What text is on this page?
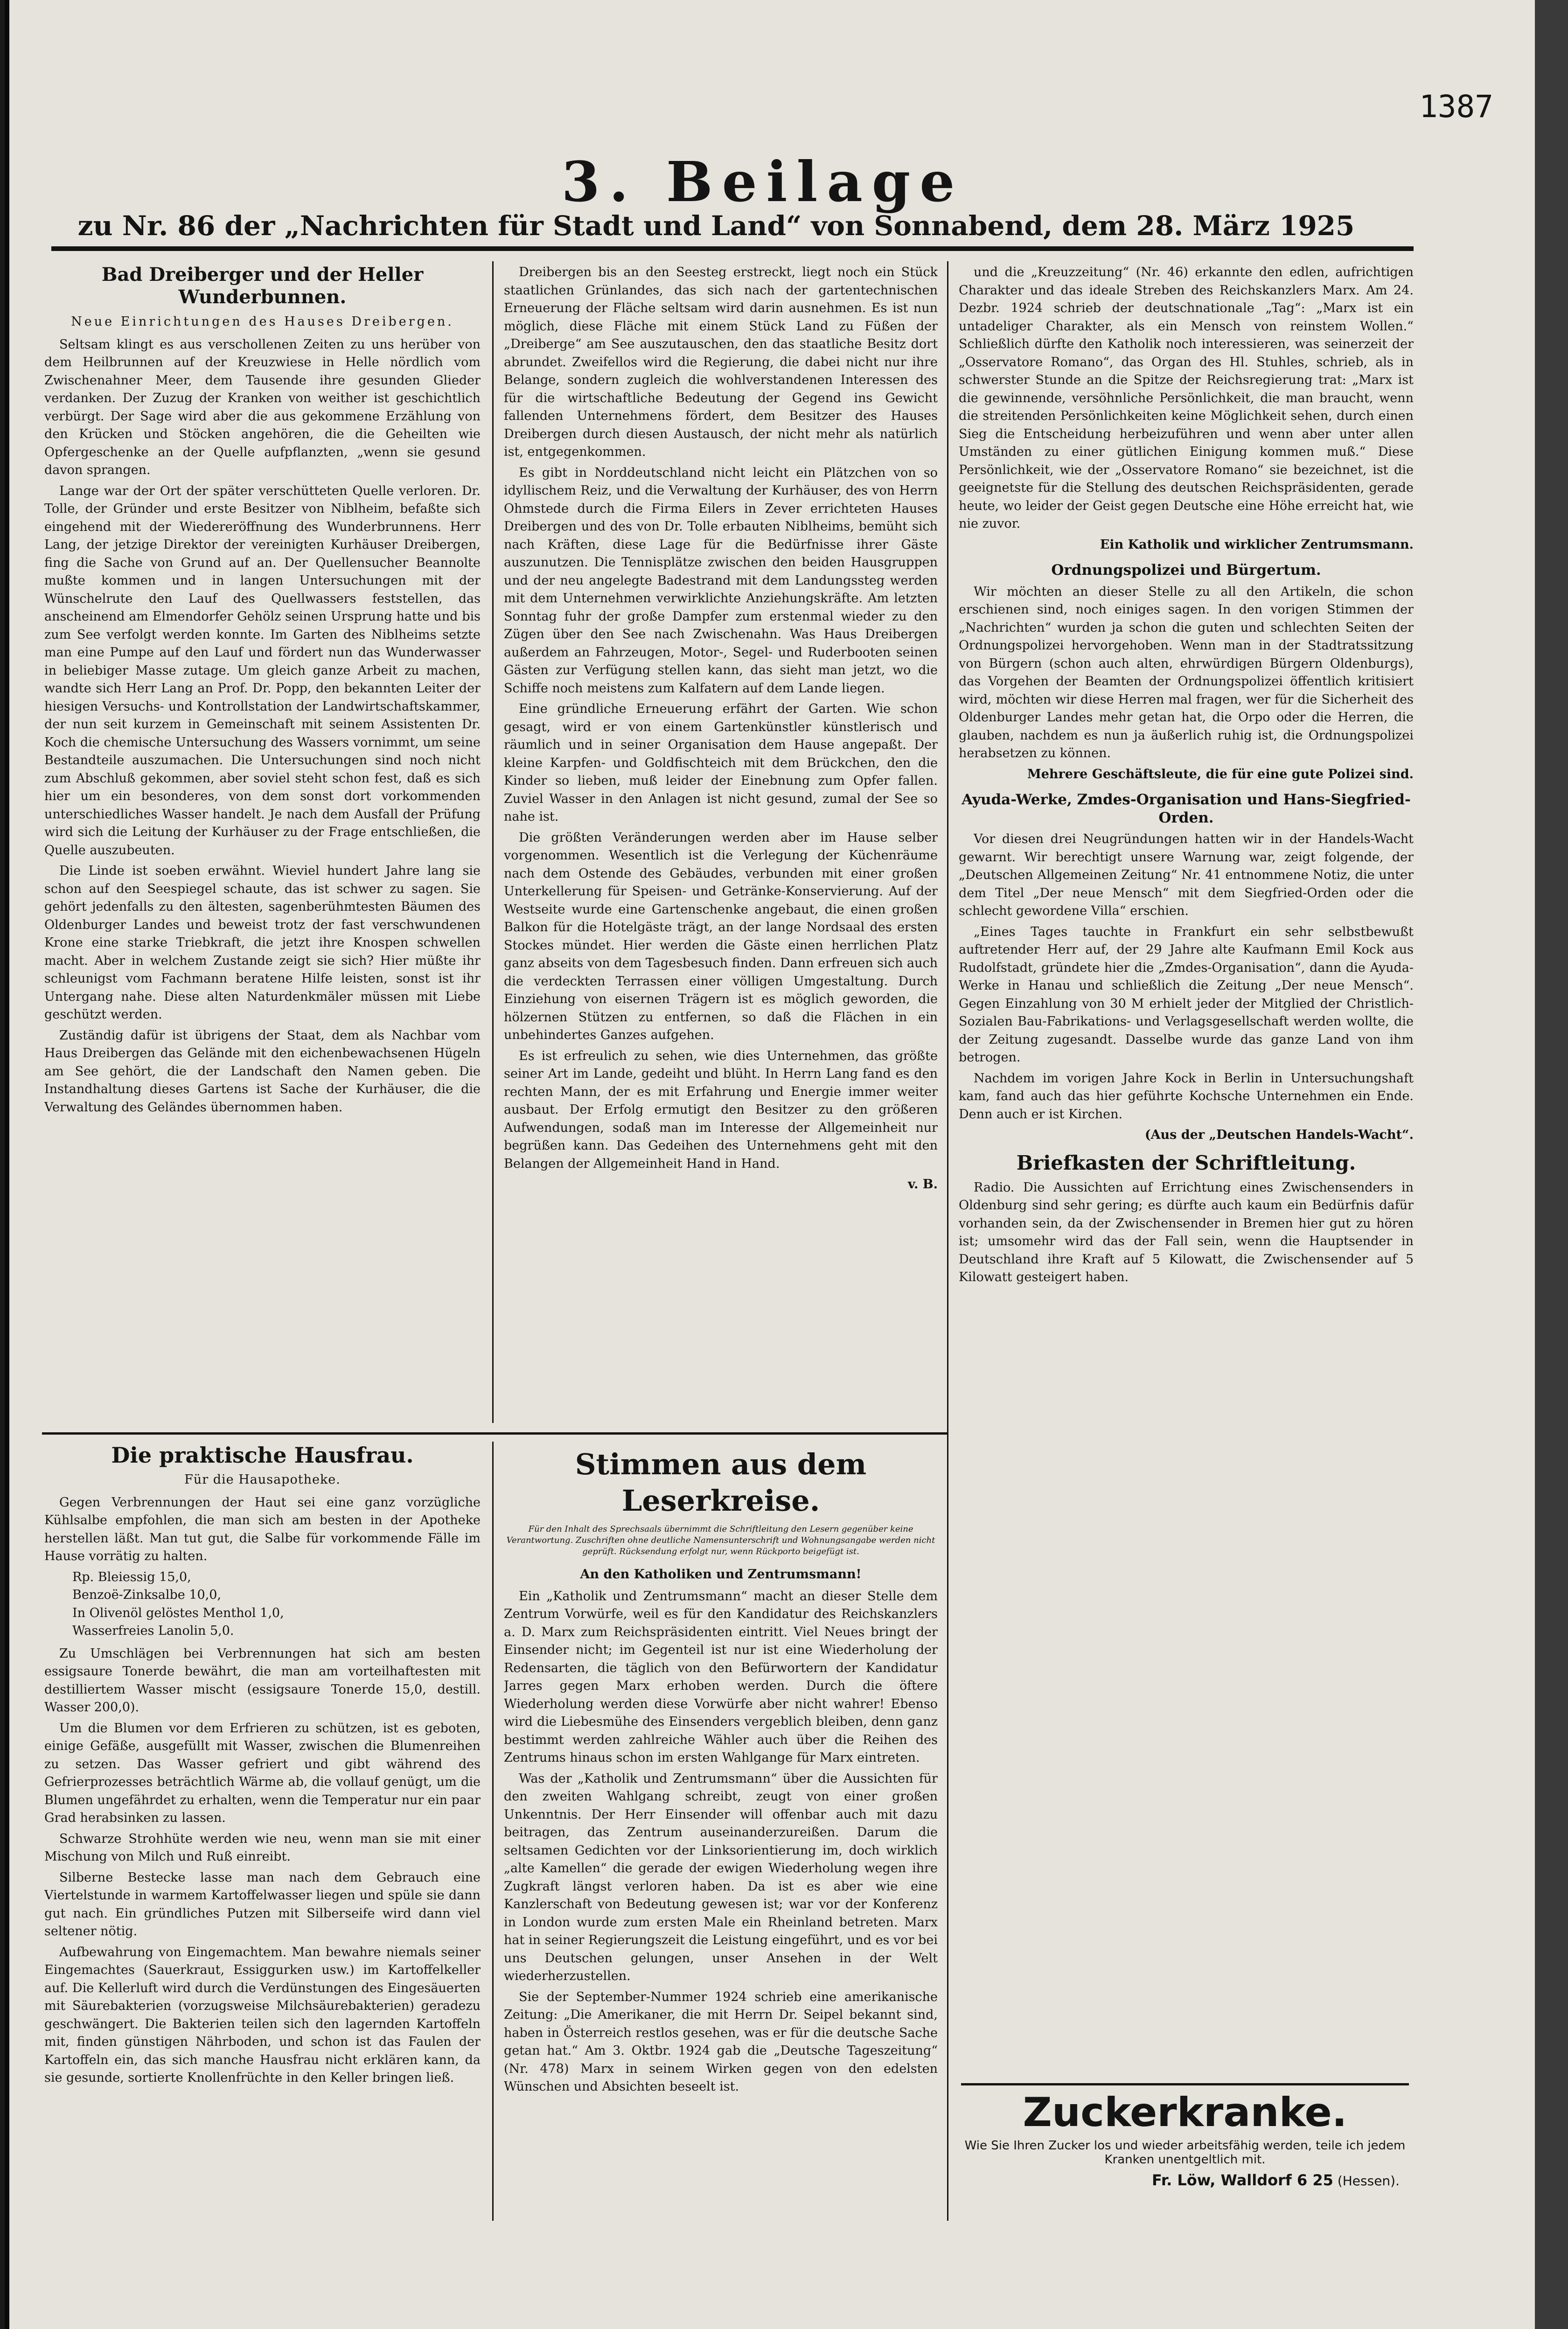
1387
3. Beilage
zu Nr. 86 der „Nachrichten für Stadt und Land“ von Sonnabend, dem 28. März 1925
Bad Dreiberger und der Heller Wunderbunnen.
Neue Einrichtungen des Hauses Dreibergen.

Seltsam klingt es aus verschollenen Zeiten zu uns herüber von dem Heilbrunnen auf der Kreuzwiese in Helle nördlich vom Zwischenahner Meer, dem Tausende ihre gesunden Glieder verdanken. Der Zuzug der Kranken von weither ist geschichtlich verbürgt. Der Sage wird aber die aus gekommene Erzählung von den Krücken und Stöcken angehören, die die Geheilten wie Opfergeschenke an der Quelle aufpflanzten, „wenn sie gesund davon sprangen.

Lange war der Ort der später verschütteten Quelle verloren. Dr. Tolle, der Gründer und erste Besitzer von Niblheim, befaßte sich eingehend mit der Wiedereröffnung des Wunderbrunnens. Herr Lang, der jetzige Direktor der vereinigten Kurhäuser Dreibergen, fing die Sache von Grund auf an. Der Quellensucher Beannolte mußte kommen und in langen Untersuchungen mit der Wünschelrute den Lauf des Quellwassers feststellen, das anscheinend am Elmendorfer Gehölz seinen Ursprung hatte und bis zum See verfolgt werden konnte. Im Garten des Niblheims setzte man eine Pumpe auf den Lauf und fördert nun das Wunderwasser in beliebiger Masse zutage. Um gleich ganze Arbeit zu machen, wandte sich Herr Lang an Prof. Dr. Popp, den bekannten Leiter der hiesigen Versuchs- und Kontrollstation der Landwirtschaftskammer, der nun seit kurzem in Gemeinschaft mit seinem Assistenten Dr. Koch die chemische Untersuchung des Wassers vornimmt, um seine Bestandteile auszumachen. Die Untersuchungen sind noch nicht zum Abschluß gekommen, aber soviel steht schon fest, daß es sich hier um ein besonderes, von dem sonst dort vorkommenden unterschiedliches Wasser handelt. Je nach dem Ausfall der Prüfung wird sich die Leitung der Kurhäuser zu der Frage entschließen, die Quelle auszubeuten.

Die Linde ist soeben erwähnt. Wieviel hundert Jahre lang sie schon auf den Seespiegel schaute, das ist schwer zu sagen. Sie gehört jedenfalls zu den ältesten, sagenberühmtesten Bäumen des Oldenburger Landes und beweist trotz der fast verschwundenen Krone eine starke Triebkraft, die jetzt ihre Knospen schwellen macht. Aber in welchem Zustande zeigt sie sich? Hier müßte ihr schleunigst vom Fachmann beratene Hilfe leisten, sonst ist ihr Untergang nahe. Diese alten Naturdenkmäler müssen mit Liebe geschützt werden.

Zuständig dafür ist übrigens der Staat, dem als Nachbar vom Haus Dreibergen das Gelände mit den eichenbewachsenen Hügeln am See gehört, die der Landschaft den Namen geben. Die Instandhaltung dieses Gartens ist Sache der Kurhäuser, die die Verwaltung des Geländes übernommen haben.

Dreibergen bis an den Seesteg erstreckt, liegt noch ein Stück staatlichen Grünlandes, das sich nach der gartentechnischen Erneuerung der Fläche seltsam wird darin ausnehmen. Es ist nun möglich, diese Fläche mit einem Stück Land zu Füßen der „Dreiberge“ am See auszutauschen, den das staatliche Besitz dort abrundet. Zweifellos wird die Regierung, die dabei nicht nur ihre Belange, sondern zugleich die wohlverstandenen Interessen des für die wirtschaftliche Bedeutung der Gegend ins Gewicht fallenden Unternehmens fördert, dem Besitzer des Hauses Dreibergen durch diesen Austausch, der nicht mehr als natürlich ist, entgegenkommen.

Es gibt in Norddeutschland nicht leicht ein Plätzchen von so idyllischem Reiz, und die Verwaltung der Kurhäuser, des von Herrn Ohmstede durch die Firma Eilers in Zever errichteten Hauses Dreibergen und des von Dr. Tolle erbauten Niblheims, bemüht sich nach Kräften, diese Lage für die Bedürfnisse ihrer Gäste auszunutzen. Die Tennisplätze zwischen den beiden Hausgruppen und der neu angelegte Badestrand mit dem Landungssteg werden mit dem Unternehmen verwirklichte Anziehungskräfte. Am letzten Sonntag fuhr der große Dampfer zum erstenmal wieder zu den Zügen über den See nach Zwischenahn. Was Haus Dreibergen außerdem an Fahrzeugen, Motor-, Segel- und Ruderbooten seinen Gästen zur Verfügung stellen kann, das sieht man jetzt, wo die Schiffe noch meistens zum Kalfatern auf dem Lande liegen.

Eine gründliche Erneuerung erfährt der Garten. Wie schon gesagt, wird er von einem Gartenkünstler künstlerisch und räumlich und in seiner Organisation dem Hause angepaßt. Der kleine Karpfen- und Goldfischteich mit dem Brückchen, den die Kinder so lieben, muß leider der Einebnung zum Opfer fallen. Zuviel Wasser in den Anlagen ist nicht gesund, zumal der See so nahe ist.

Die größten Veränderungen werden aber im Hause selber vorgenommen. Wesentlich ist die Verlegung der Küchenräume nach dem Ostende des Gebäudes, verbunden mit einer großen Unterkellerung für Speisen- und Getränke-Konservierung. Auf der Westseite wurde eine Gartenschenke angebaut, die einen großen Balkon für die Hotelgäste trägt, an der lange Nordsaal des ersten Stockes mündet. Hier werden die Gäste einen herrlichen Platz ganz abseits von dem Tagesbesuch finden. Dann erfreuen sich auch die verdeckten Terrassen einer völligen Umgestaltung. Durch Einziehung von eisernen Trägern ist es möglich geworden, die hölzernen Stützen zu entfernen, so daß die Flächen in ein unbehindertes Ganzes aufgehen.

Es ist erfreulich zu sehen, wie dies Unternehmen, das größte seiner Art im Lande, gedeiht und blüht. In Herrn Lang fand es den rechten Mann, der es mit Erfahrung und Energie immer weiter ausbaut. Der Erfolg ermutigt den Besitzer zu den größeren Aufwendungen, sodaß man im Interesse der Allgemeinheit nur begrüßen kann. Das Gedeihen des Unternehmens geht mit den Belangen der Allgemeinheit Hand in Hand.

v. B.

und die „Kreuzzeitung“ (Nr. 46) erkannte den edlen, aufrichtigen Charakter und das ideale Streben des Reichskanzlers Marx. Am 24. Dezbr. 1924 schrieb der deutschnationale „Tag“: „Marx ist ein untadeliger Charakter, als ein Mensch von reinstem Wollen.“ Schließlich dürfte den Katholik noch interessieren, was seinerzeit der „Osservatore Romano“, das Organ des Hl. Stuhles, schrieb, als in schwerster Stunde an die Spitze der Reichsregierung trat: „Marx ist die gewinnende, versöhnliche Persönlichkeit, die man braucht, wenn die streitenden Persönlichkeiten keine Möglichkeit sehen, durch einen Sieg die Entscheidung herbeizuführen und wenn aber unter allen Umständen zu einer gütlichen Einigung kommen muß.“ Diese Persönlichkeit, wie der „Osservatore Romano“ sie bezeichnet, ist die geeignetste für die Stellung des deutschen Reichspräsidenten, gerade heute, wo leider der Geist gegen Deutsche eine Höhe erreicht hat, wie nie zuvor.

Ein Katholik und wirklicher Zentrumsmann.
Ordnungspolizei und Bürgertum.

Wir möchten an dieser Stelle zu all den Artikeln, die schon erschienen sind, noch einiges sagen. In den vorigen Stimmen der „Nachrichten“ wurden ja schon die guten und schlechten Seiten der Ordnungspolizei hervorgehoben. Wenn man in der Stadtratssitzung von Bürgern (schon auch alten, ehrwürdigen Bürgern Oldenburgs), das Vorgehen der Beamten der Ordnungspolizei öffentlich kritisiert wird, möchten wir diese Herren mal fragen, wer für die Sicherheit des Oldenburger Landes mehr getan hat, die Orpo oder die Herren, die glauben, nachdem es nun ja äußerlich ruhig ist, die Ordnungspolizei herabsetzen zu können.

Mehrere Geschäftsleute, die für eine gute Polizei sind.
Ayuda-Werke, Zmdes-Organisation und Hans-Siegfried-Orden.

Vor diesen drei Neugründungen hatten wir in der Handels-Wacht gewarnt. Wir berechtigt unsere Warnung war, zeigt folgende, der „Deutschen Allgemeinen Zeitung“ Nr. 41 entnommene Notiz, die unter dem Titel „Der neue Mensch“ mit dem Siegfried-Orden oder die schlecht gewordene Villa“ erschien.

„Eines Tages tauchte in Frankfurt ein sehr selbstbewußt auftretender Herr auf, der 29 Jahre alte Kaufmann Emil Kock aus Rudolfstadt, gründete hier die „Zmdes-Organisation“, dann die Ayuda-Werke in Hanau und schließlich die Zeitung „Der neue Mensch“. Gegen Einzahlung von 30 M erhielt jeder der Mitglied der Christlich-Sozialen Bau-Fabrikations- und Verlagsgesellschaft werden wollte, die der Zeitung zugesandt. Dasselbe wurde das ganze Land von ihm betrogen.

Nachdem im vorigen Jahre Kock in Berlin in Untersuchungshaft kam, fand auch das hier geführte Kochsche Unternehmen ein Ende. Denn auch er ist Kirchen.

(Aus der „Deutschen Handels-Wacht“.
Briefkasten der Schriftleitung.

Radio. Die Aussichten auf Errichtung eines Zwischensenders in Oldenburg sind sehr gering; es dürfte auch kaum ein Bedürfnis dafür vorhanden sein, da der Zwischensender in Bremen hier gut zu hören ist; umsomehr wird das der Fall sein, wenn die Hauptsender in Deutschland ihre Kraft auf 5 Kilowatt, die Zwischensender auf 5 Kilowatt gesteigert haben.

Die praktische Hausfrau.
Für die Hausapotheke.

Gegen Verbrennungen der Haut sei eine ganz vorzügliche Kühlsalbe empfohlen, die man sich am besten in der Apotheke herstellen läßt. Man tut gut, die Salbe für vorkommende Fälle im Hause vorrätig zu halten.

Rp. Bleiessig 15,0,
Benzoë-Zinksalbe 10,0,
In Olivenöl gelöstes Menthol 1,0,
Wasserfreies Lanolin 5,0.

Zu Umschlägen bei Verbrennungen hat sich am besten essigsaure Tonerde bewährt, die man am vorteilhaftesten mit destilliertem Wasser mischt (essigsaure Tonerde 15,0, destill. Wasser 200,0).

Um die Blumen vor dem Erfrieren zu schützen, ist es geboten, einige Gefäße, ausgefüllt mit Wasser, zwischen die Blumenreihen zu setzen. Das Wasser gefriert und gibt während des Gefrierprozesses beträchtlich Wärme ab, die vollauf genügt, um die Blumen ungefährdet zu erhalten, wenn die Temperatur nur ein paar Grad herabsinken zu lassen.

Schwarze Strohhüte werden wie neu, wenn man sie mit einer Mischung von Milch und Ruß einreibt.

Silberne Bestecke lasse man nach dem Gebrauch eine Viertelstunde in warmem Kartoffelwasser liegen und spüle sie dann gut nach. Ein gründliches Putzen mit Silberseife wird dann viel seltener nötig.

Aufbewahrung von Eingemachtem. Man bewahre niemals seiner Eingemachtes (Sauerkraut, Essiggurken usw.) im Kartoffelkeller auf. Die Kellerluft wird durch die Verdünstungen des Eingesäuerten mit Säurebakterien (vorzugsweise Milchsäurebakterien) geradezu geschwängert. Die Bakterien teilen sich den lagernden Kartoffeln mit, finden günstigen Nährboden, und schon ist das Faulen der Kartoffeln ein, das sich manche Hausfrau nicht erklären kann, da sie gesunde, sortierte Knollenfrüchte in den Keller bringen ließ.

Stimmen aus dem Leserkreise.
Für den Inhalt des Sprechsaals übernimmt die Schriftleitung den Lesern gegenüber keine Verantwortung. Zuschriften ohne deutliche Namensunterschrift und Wohnungsangabe werden nicht geprüft. Rücksendung erfolgt nur, wenn Rückporto beigefügt ist.
An den Katholiken und Zentrumsmann!

Ein „Katholik und Zentrumsmann“ macht an dieser Stelle dem Zentrum Vorwürfe, weil es für den Kandidatur des Reichskanzlers a. D. Marx zum Reichspräsidenten eintritt. Viel Neues bringt der Einsender nicht; im Gegenteil ist nur ist eine Wiederholung der Redensarten, die täglich von den Befürwortern der Kandidatur Jarres gegen Marx erhoben werden. Durch die öftere Wiederholung werden diese Vorwürfe aber nicht wahrer! Ebenso wird die Liebesmühe des Einsenders vergeblich bleiben, denn ganz bestimmt werden zahlreiche Wähler auch über die Reihen des Zentrums hinaus schon im ersten Wahlgange für Marx eintreten.

Was der „Katholik und Zentrumsmann“ über die Aussichten für den zweiten Wahlgang schreibt, zeugt von einer großen Unkenntnis. Der Herr Einsender will offenbar auch mit dazu beitragen, das Zentrum auseinanderzureißen. Darum die seltsamen Gedichten vor der Linksorientierung im, doch wirklich „alte Kamellen“ die gerade der ewigen Wiederholung wegen ihre Zugkraft längst verloren haben. Da ist es aber wie eine Kanzlerschaft von Bedeutung gewesen ist; war vor der Konferenz in London wurde zum ersten Male ein Rheinland betreten. Marx hat in seiner Regierungszeit die Leistung eingeführt, und es vor bei uns Deutschen gelungen, unser Ansehen in der Welt wiederherzustellen.

Sie der September-Nummer 1924 schrieb eine amerikanische Zeitung: „Die Amerikaner, die mit Herrn Dr. Seipel bekannt sind, haben in Österreich restlos gesehen, was er für die deutsche Sache getan hat.“ Am 3. Oktbr. 1924 gab die „Deutsche Tageszeitung“ (Nr. 478) Marx in seinem Wirken gegen von den edelsten Wünschen und Absichten beseelt ist.

Zuckerkranke.
Wie Sie Ihren Zucker los und wieder arbeitsfähig werden, teile ich jedem Kranken unentgeltlich mit.
Fr. Löw, Walldorf 6 25 (Hessen).
